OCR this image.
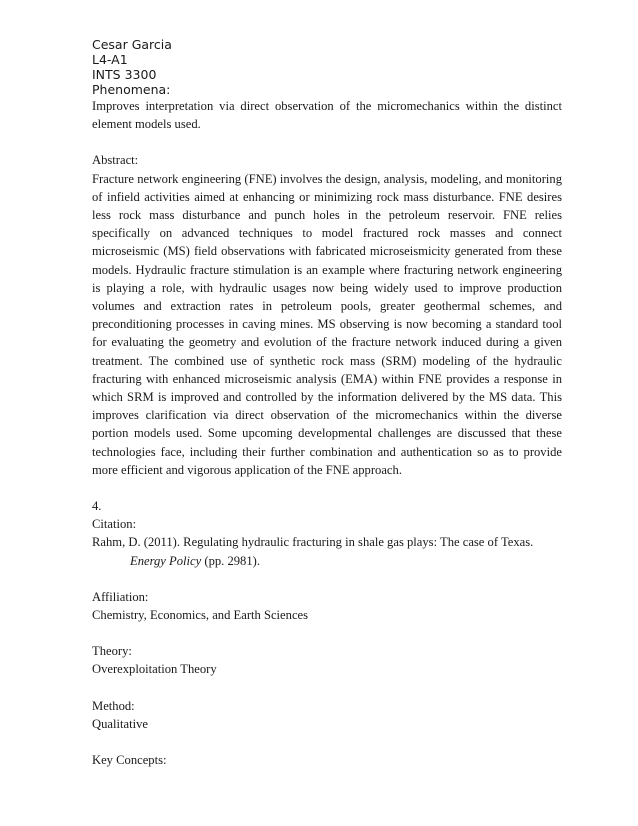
Cesar Garcia

L4-A1

INTS 3300

Phenomena:

Improves interpretation via direct observation of the micromechanics within the distinct element models used.

Abstract:

Fracture network engineering (FNE) involves the design, analysis, modeling, and monitoring of infield activities aimed at enhancing or minimizing rock mass disturbance. FNE desires less rock mass disturbance and punch holes in the petroleum reservoir. FNE relies specifically on advanced techniques to model fractured rock masses and connect microseismic (MS) field observations with fabricated microseismicity generated from these models. Hydraulic fracture stimulation is an example where fracturing network engineering is playing a role, with hydraulic usages now being widely used to improve production volumes and extraction rates in petroleum pools, greater geothermal schemes, and preconditioning processes in caving mines. MS observing is now becoming a standard tool for evaluating the geometry and evolution of the fracture network induced during a given treatment. The combined use of synthetic rock mass (SRM) modeling of the hydraulic fracturing with enhanced microseismic analysis (EMA) within FNE provides a response in which SRM is improved and controlled by the information delivered by the MS data. This improves clarification via direct observation of the micromechanics within the diverse portion models used. Some upcoming developmental challenges are discussed that these technologies face, including their further combination and authentication so as to provide more efficient and vigorous application of the FNE approach.

4.

Citation:

Rahm, D. (2011). Regulating hydraulic fracturing in shale gas plays: The case of Texas.

Energy Policy (pp. 2981).

Affiliation:

Chemistry, Economics, and Earth Sciences

Theory:

Overexploitation Theory

Method:

Qualitative

Key Concepts:
